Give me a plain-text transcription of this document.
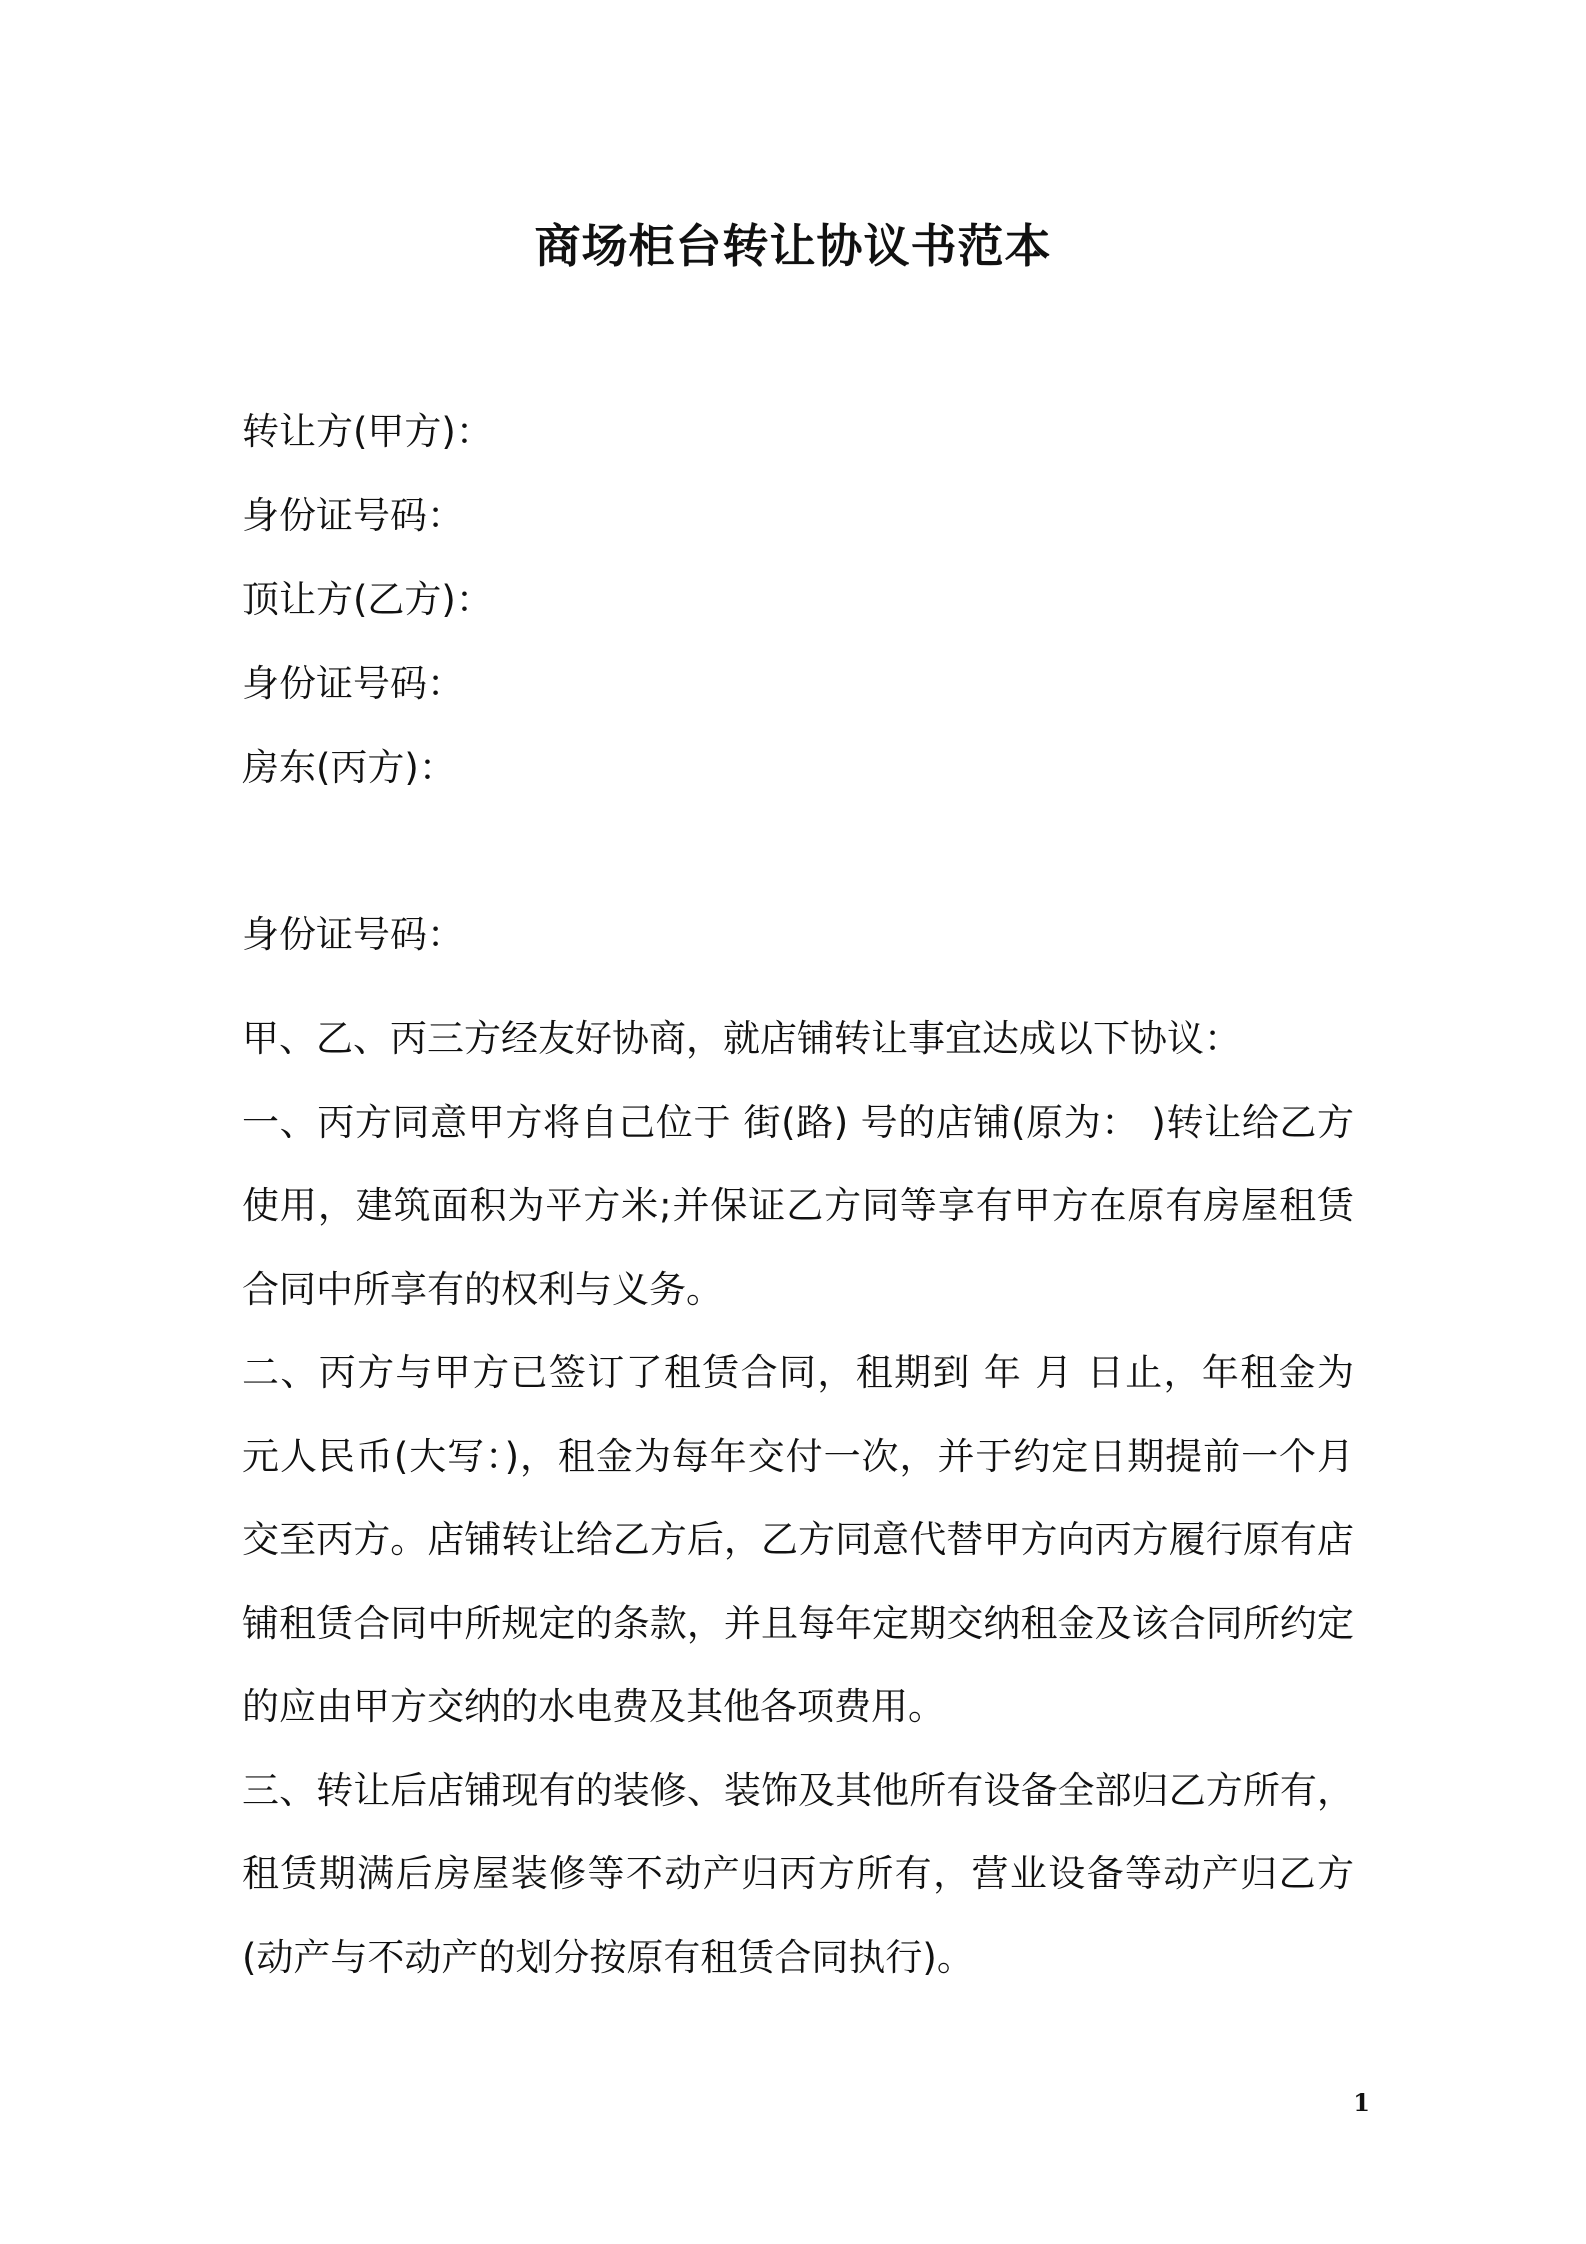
商场柜台转让协议书范本
转让方(甲方)：
身份证号码：
顶让方(乙方)：
身份证号码：
房东(丙方)：
身份证号码：

甲、乙、丙三方经友好协商，就店铺转让事宜达成以下协议：

一、丙方同意甲方将自己位于 街(路) 号的店铺(原为： )转让给乙方使用，建筑面积为平方米;并保证乙方同等享有甲方在原有房屋租赁合同中所享有的权利与义务。

二、丙方与甲方已签订了租赁合同，租期到 年 月 日止，年租金为 元人民币(大写：)，租金为每年交付一次，并于约定日期提前一个月交至丙方。店铺转让给乙方后，乙方同意代替甲方向丙方履行原有店铺租赁合同中所规定的条款，并且每年定期交纳租金及该合同所约定的应由甲方交纳的水电费及其他各项费用。

三、转让后店铺现有的装修、装饰及其他所有设备全部归乙方所有，租赁期满后房屋装修等不动产归丙方所有，营业设备等动产归乙方(动产与不动产的划分按原有租赁合同执行)。

1
